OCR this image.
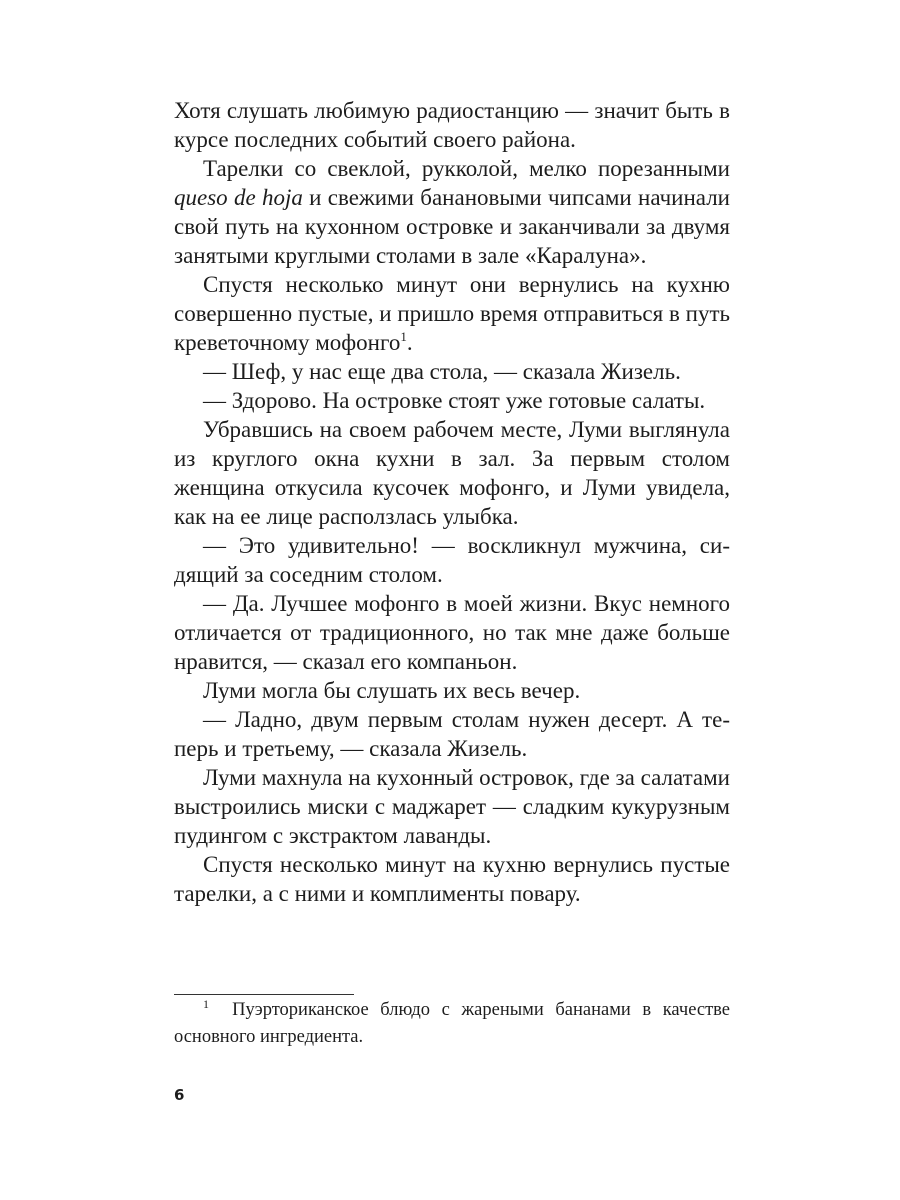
Хотя слушать любимую радиостанцию — значит быть в курсе последних событий своего района.

Тарелки со свеклой, рукколой, мелко порезанными queso de hoja и свежими банановыми чипсами начинали свой путь на кухонном островке и заканчивали за двумя занятыми круглыми столами в зале «Каралуна».

Спустя несколько минут они вернулись на кухню совершенно пустые, и пришло время отправиться в путь креветочному мофонго$^1$.

— Шеф, у нас еще два стола, — сказала Жизель.

— Здорово. На островке стоят уже готовые салаты.

Убравшись на своем рабочем месте, Луми выглянула из круглого окна кухни в зал. За первым столом женщина откусила кусочек мофонго, и Луми увидела, как на ее лице расползлась улыбка.

— Это удивительно! — воскликнул мужчина, сидящий за соседним столом.

— Да. Лучшее мофонго в моей жизни. Вкус немного отличается от традиционного, но так мне даже больше нравится, — сказал его компаньон.

Луми могла бы слушать их весь вечер.

— Ладно, двум первым столам нужен десерт. А теперь и третьему, — сказала Жизель.

Луми махнула на кухонный островок, где за салатами выстроились миски с маджарет — сладким кукурузным пудингом с экстрактом лаванды.

Спустя несколько минут на кухню вернулись пустые тарелки, а с ними и комплименты повару.

$^1$ Пуэрториканское блюдо с жареными бананами в качестве основного ингредиента.
6
